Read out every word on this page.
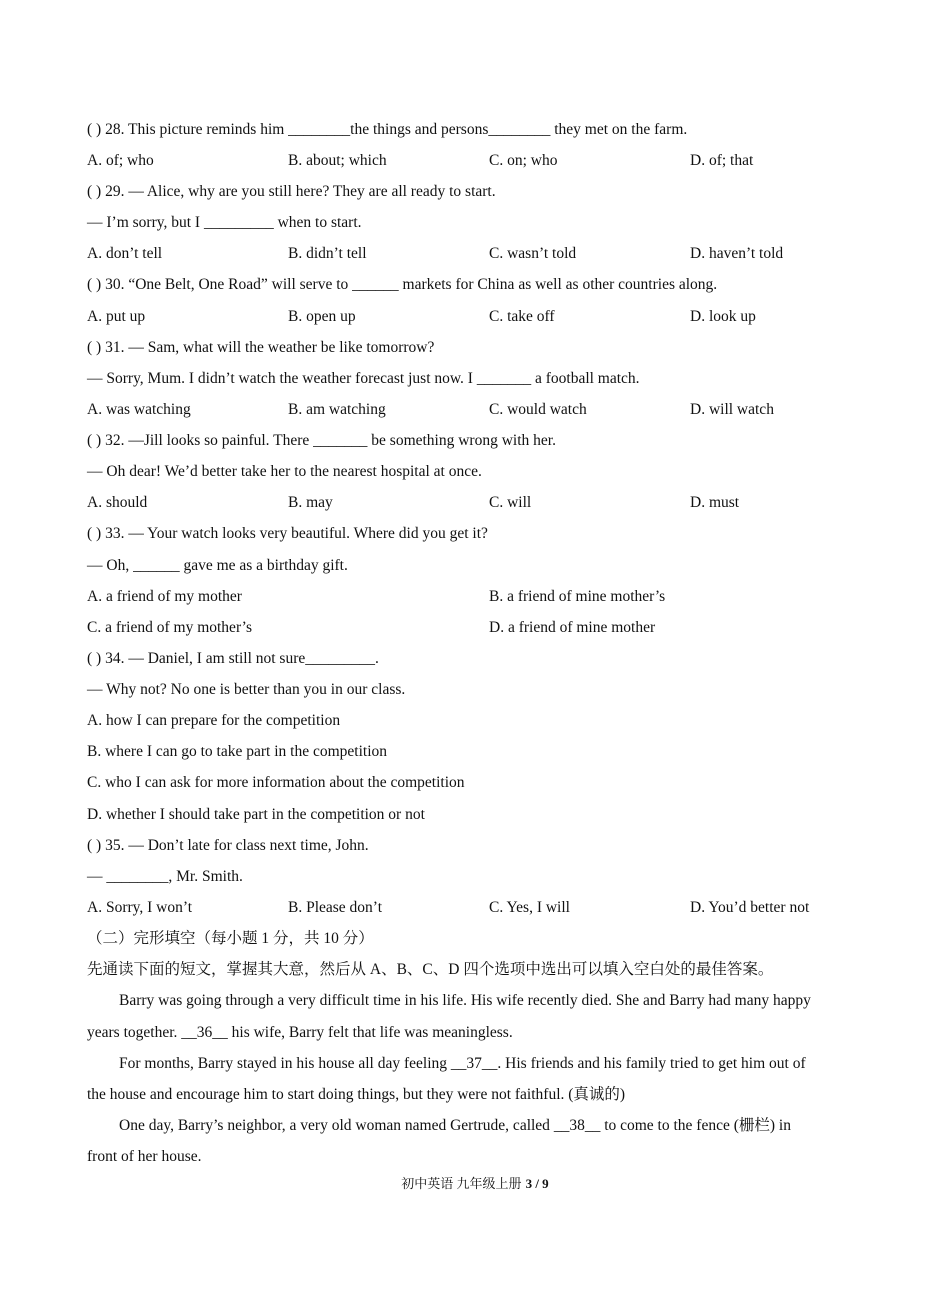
( ) 28. This picture reminds him ________the things and persons________ they met on the farm.
A. of; who	B. about; which	C. on; who	D. of; that
( ) 29. — Alice, why are you still here? They are all ready to start.
— I’m sorry, but I _________ when to start.
A. don’t tell	B. didn’t tell	C. wasn’t told	D. haven’t told
( ) 30. “One Belt, One Road” will serve to ______ markets for China as well as other countries along.
A. put up	B. open up	C. take off	D. look up
( ) 31. — Sam, what will the weather be like tomorrow?
— Sorry, Mum. I didn’t watch the weather forecast just now. I _______ a football match.
A. was watching	B. am watching	C. would watch	D. will watch
( ) 32. —Jill looks so painful. There _______ be something wrong with her.
— Oh dear! We’d better take her to the nearest hospital at once.
A. should	B. may	C. will	D. must
( ) 33. — Your watch looks very beautiful. Where did you get it?
— Oh, ______ gave me as a birthday gift.
A. a friend of my mother	B. a friend of mine mother’s
C. a friend of my mother’s	D. a friend of mine mother
( ) 34. — Daniel, I am still not sure_________.
— Why not? No one is better than you in our class.
A. how I can prepare for the competition
B. where I can go to take part in the competition
C. who I can ask for more information about the competition
D. whether I should take part in the competition or not
( ) 35. — Don’t late for class next time, John.
— ________, Mr. Smith.
A. Sorry, I won’t	B. Please don’t	C. Yes, I will	D. You’d better not
（二）完形填空（每小题 1 分，共 10 分）
先通读下面的短文，掌握其大意，然后从 A、B、C、D 四个选项中选出可以填入空白处的最佳答案。
Barry was going through a very difficult time in his life. His wife recently died. She and Barry had many happy
years together. __36__ his wife, Barry felt that life was meaningless.
For months, Barry stayed in his house all day feeling __37__. His friends and his family tried to get him out of
the house and encourage him to start doing things, but they were not faithful. (真诚的)
One day, Barry’s neighbor, a very old woman named Gertrude, called __38__ to come to the fence (栅栏) in
front of her house.
初中英语 九年级上册 3 / 9
